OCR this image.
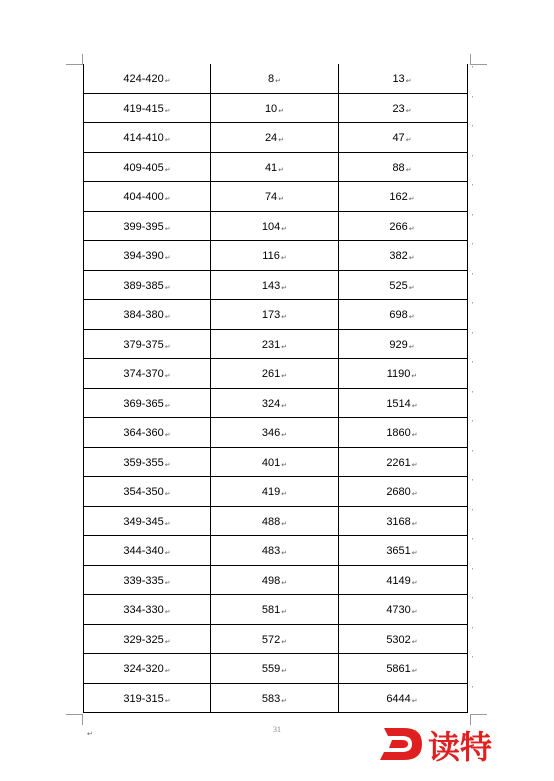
424-420 ↵	8 ↵	13 ↵
'
419-415 ↵	10 ↵	23 ↵
'
414-410 ↵	24 ↵	47 ↵
'
409-405 ↵	41 ↵	88 ↵
'
404-400 ↵	74 ↵	162 ↵
'
399-395 ↵	104 ↵	266 ↵
'
394-390 ↵	116 ↵	382 ↵
'
389-385 ↵	143 ↵	525 ↵
'
384-380 ↵	173 ↵	698 ↵
'
379-375 ↵	231 ↵	929 ↵
'
374-370 ↵	261 ↵	1190 ↵
'
369-365 ↵	324 ↵	1514 ↵
'
364-360 ↵	346 ↵	1860 ↵
'
359-355 ↵	401 ↵	2261 ↵
'
354-350 ↵	419 ↵	2680 ↵
'
349-345 ↵	488 ↵	3168 ↵
'
344-340 ↵	483 ↵	3651 ↵
'
339-335 ↵	498 ↵	4149 ↵
'
334-330 ↵	581 ↵	4730 ↵
'
329-325 ↵	572 ↵	5302 ↵
'
324-320 ↵	559 ↵	5861 ↵
'
319-315 ↵	583 ↵	6444 ↵
'
31
↵	读特
